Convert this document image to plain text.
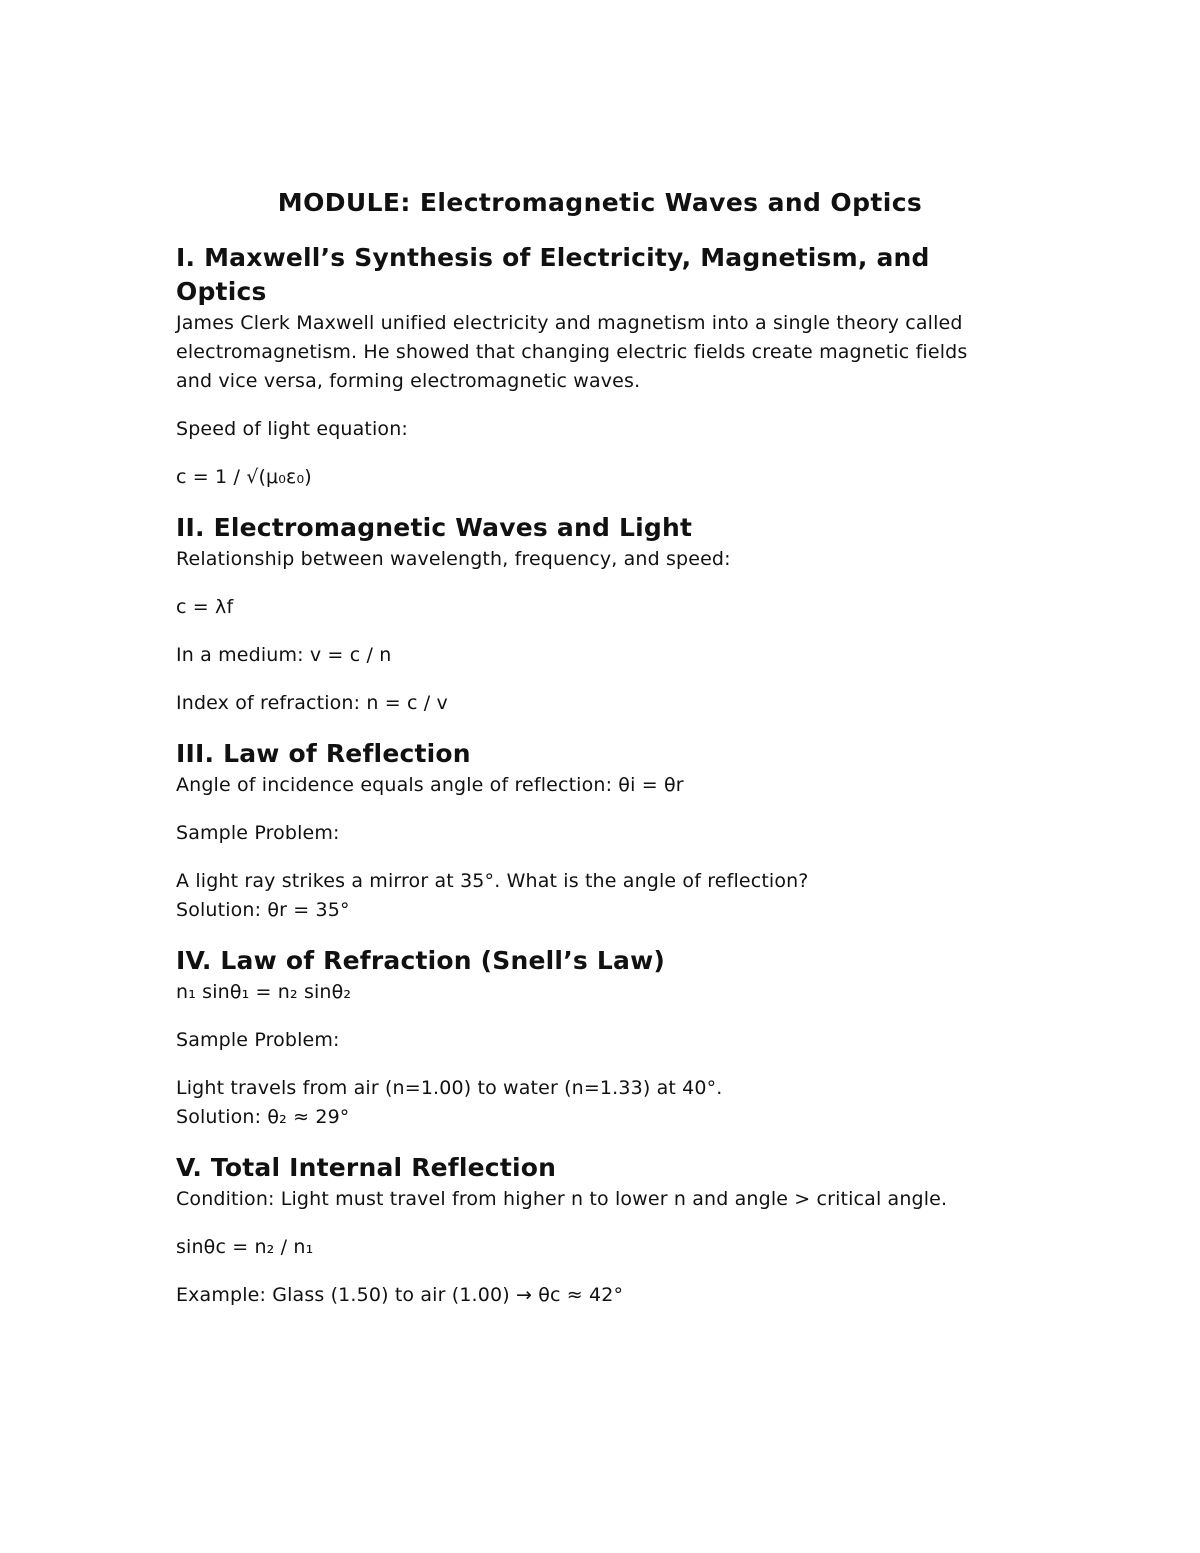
MODULE: Electromagnetic Waves and Optics
I. Maxwell’s Synthesis of Electricity, Magnetism, and Optics

James Clerk Maxwell unified electricity and magnetism into a single theory called electromagnetism. He showed that changing electric fields create magnetic fields and vice versa, forming electromagnetic waves.

Speed of light equation:

c = 1 / √(μ₀ε₀)

II. Electromagnetic Waves and Light

Relationship between wavelength, frequency, and speed:

c = λf

In a medium: v = c / n

Index of refraction: n = c / v

III. Law of Reflection

Angle of incidence equals angle of reflection: θi = θr

Sample Problem:

A light ray strikes a mirror at 35°. What is the angle of reflection?

Solution: θr = 35°

IV. Law of Refraction (Snell’s Law)

n₁ sinθ₁ = n₂ sinθ₂

Sample Problem:

Light travels from air (n=1.00) to water (n=1.33) at 40°.

Solution: θ₂ ≈ 29°

V. Total Internal Reflection

Condition: Light must travel from higher n to lower n and angle > critical angle.

sinθc = n₂ / n₁

Example: Glass (1.50) to air (1.00) → θc ≈ 42°
